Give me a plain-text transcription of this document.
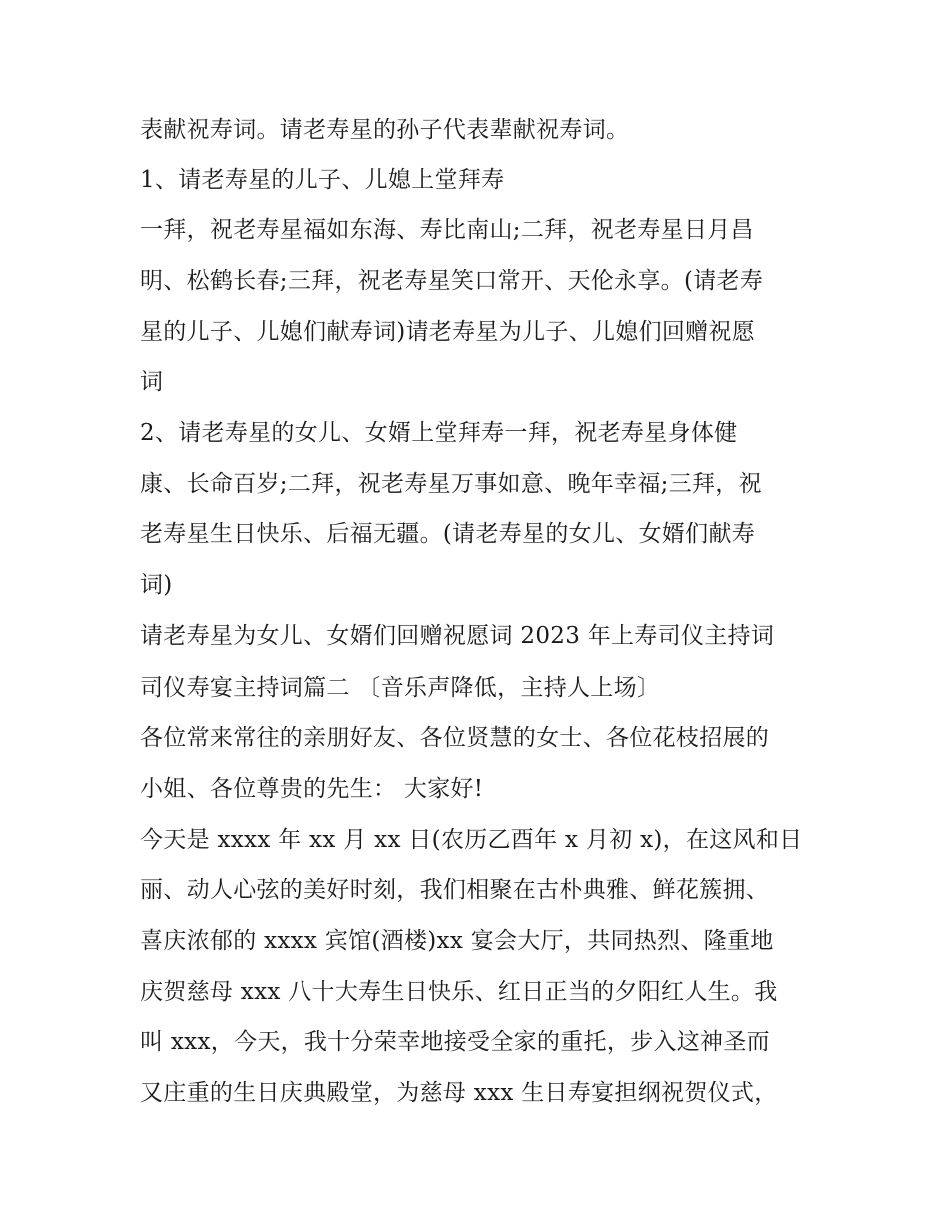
表献祝寿词。请老寿星的孙子代表辈献祝寿词。
1、请老寿星的儿子、儿媳上堂拜寿
一拜，祝老寿星福如东海、寿比南山;二拜，祝老寿星日月昌
明、松鹤长春;三拜，祝老寿星笑口常开、天伦永享。(请老寿
星的儿子、儿媳们献寿词)请老寿星为儿子、儿媳们回赠祝愿
词
2、请老寿星的女儿、女婿上堂拜寿一拜，祝老寿星身体健
康、长命百岁;二拜，祝老寿星万事如意、晚年幸福;三拜，祝
老寿星生日快乐、后福无疆。(请老寿星的女儿、女婿们献寿
词)
请老寿星为女儿、女婿们回赠祝愿词 2023 年上寿司仪主持词
司仪寿宴主持词篇二 〔音乐声降低，主持人上场〕
各位常来常往的亲朋好友、各位贤慧的女士、各位花枝招展的
小姐、各位尊贵的先生： 大家好!
今天是 xxxx 年 xx 月 xx 日(农历乙酉年 x 月初 x)，在这风和日
丽、动人心弦的美好时刻，我们相聚在古朴典雅、鲜花簇拥、
喜庆浓郁的 xxxx 宾馆(酒楼)xx 宴会大厅，共同热烈、隆重地
庆贺慈母 xxx 八十大寿生日快乐、红日正当的夕阳红人生。我
叫 xxx，今天，我十分荣幸地接受全家的重托，步入这神圣而
又庄重的生日庆典殿堂，为慈母 xxx 生日寿宴担纲祝贺仪式，
